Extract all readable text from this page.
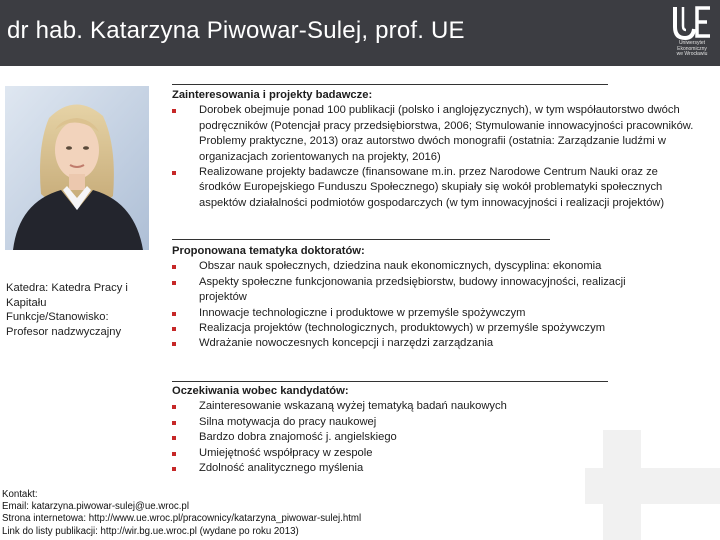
dr hab. Katarzyna Piwowar-Sulej, prof. UE	Uniwersytet
Ekonomiczny
we Wrocławiu
Katedra: Katedra Pracy i
Kapitału
Funkcje/Stanowisko:
Profesor nadzwyczajny
Zainteresowania i projekty badawcze:
Dorobek obejmuje ponad 100 publikacji (polsko i anglojęzycznych), w tym współautorstwo dwóch podręczników (Potencjał pracy przedsiębiorstwa, 2006; Stymulowanie innowacyjności pracowników. Problemy praktyczne, 2013) oraz autorstwo dwóch monografii (ostatnia: Zarządzanie ludźmi w organizacjach zorientowanych na projekty, 2016)
Realizowane projekty badawcze (finansowane m.in. przez Narodowe Centrum Nauki oraz ze środków Europejskiego Funduszu Społecznego) skupiały się wokół problematyki społecznych aspektów działalności podmiotów gospodarczych (w tym innowacyjności i realizacji projektów)
Proponowana tematyka doktoratów:
Obszar nauk społecznych, dziedzina nauk ekonomicznych, dyscyplina: ekonomia
Aspekty społeczne funkcjonowania przedsiębiorstw, budowy innowacyjności, realizacji projektów
Innowacje technologiczne i produktowe w przemyśle spożywczym
Realizacja projektów (technologicznych, produktowych) w przemyśle spożywczym
Wdrażanie nowoczesnych koncepcji i narzędzi zarządzania
Oczekiwania wobec kandydatów:
Zainteresowanie wskazaną wyżej tematyką badań naukowych
Silna motywacja do pracy naukowej
Bardzo dobra znajomość j. angielskiego
Umiejętność współpracy w zespole
Zdolność analitycznego myślenia
Kontakt:
Email: katarzyna.piwowar-sulej@ue.wroc.pl
Strona internetowa: http://www.ue.wroc.pl/pracownicy/katarzyna_piwowar-sulej.html
Link do listy publikacji: http://wir.bg.ue.wroc.pl (wydane po roku 2013)
